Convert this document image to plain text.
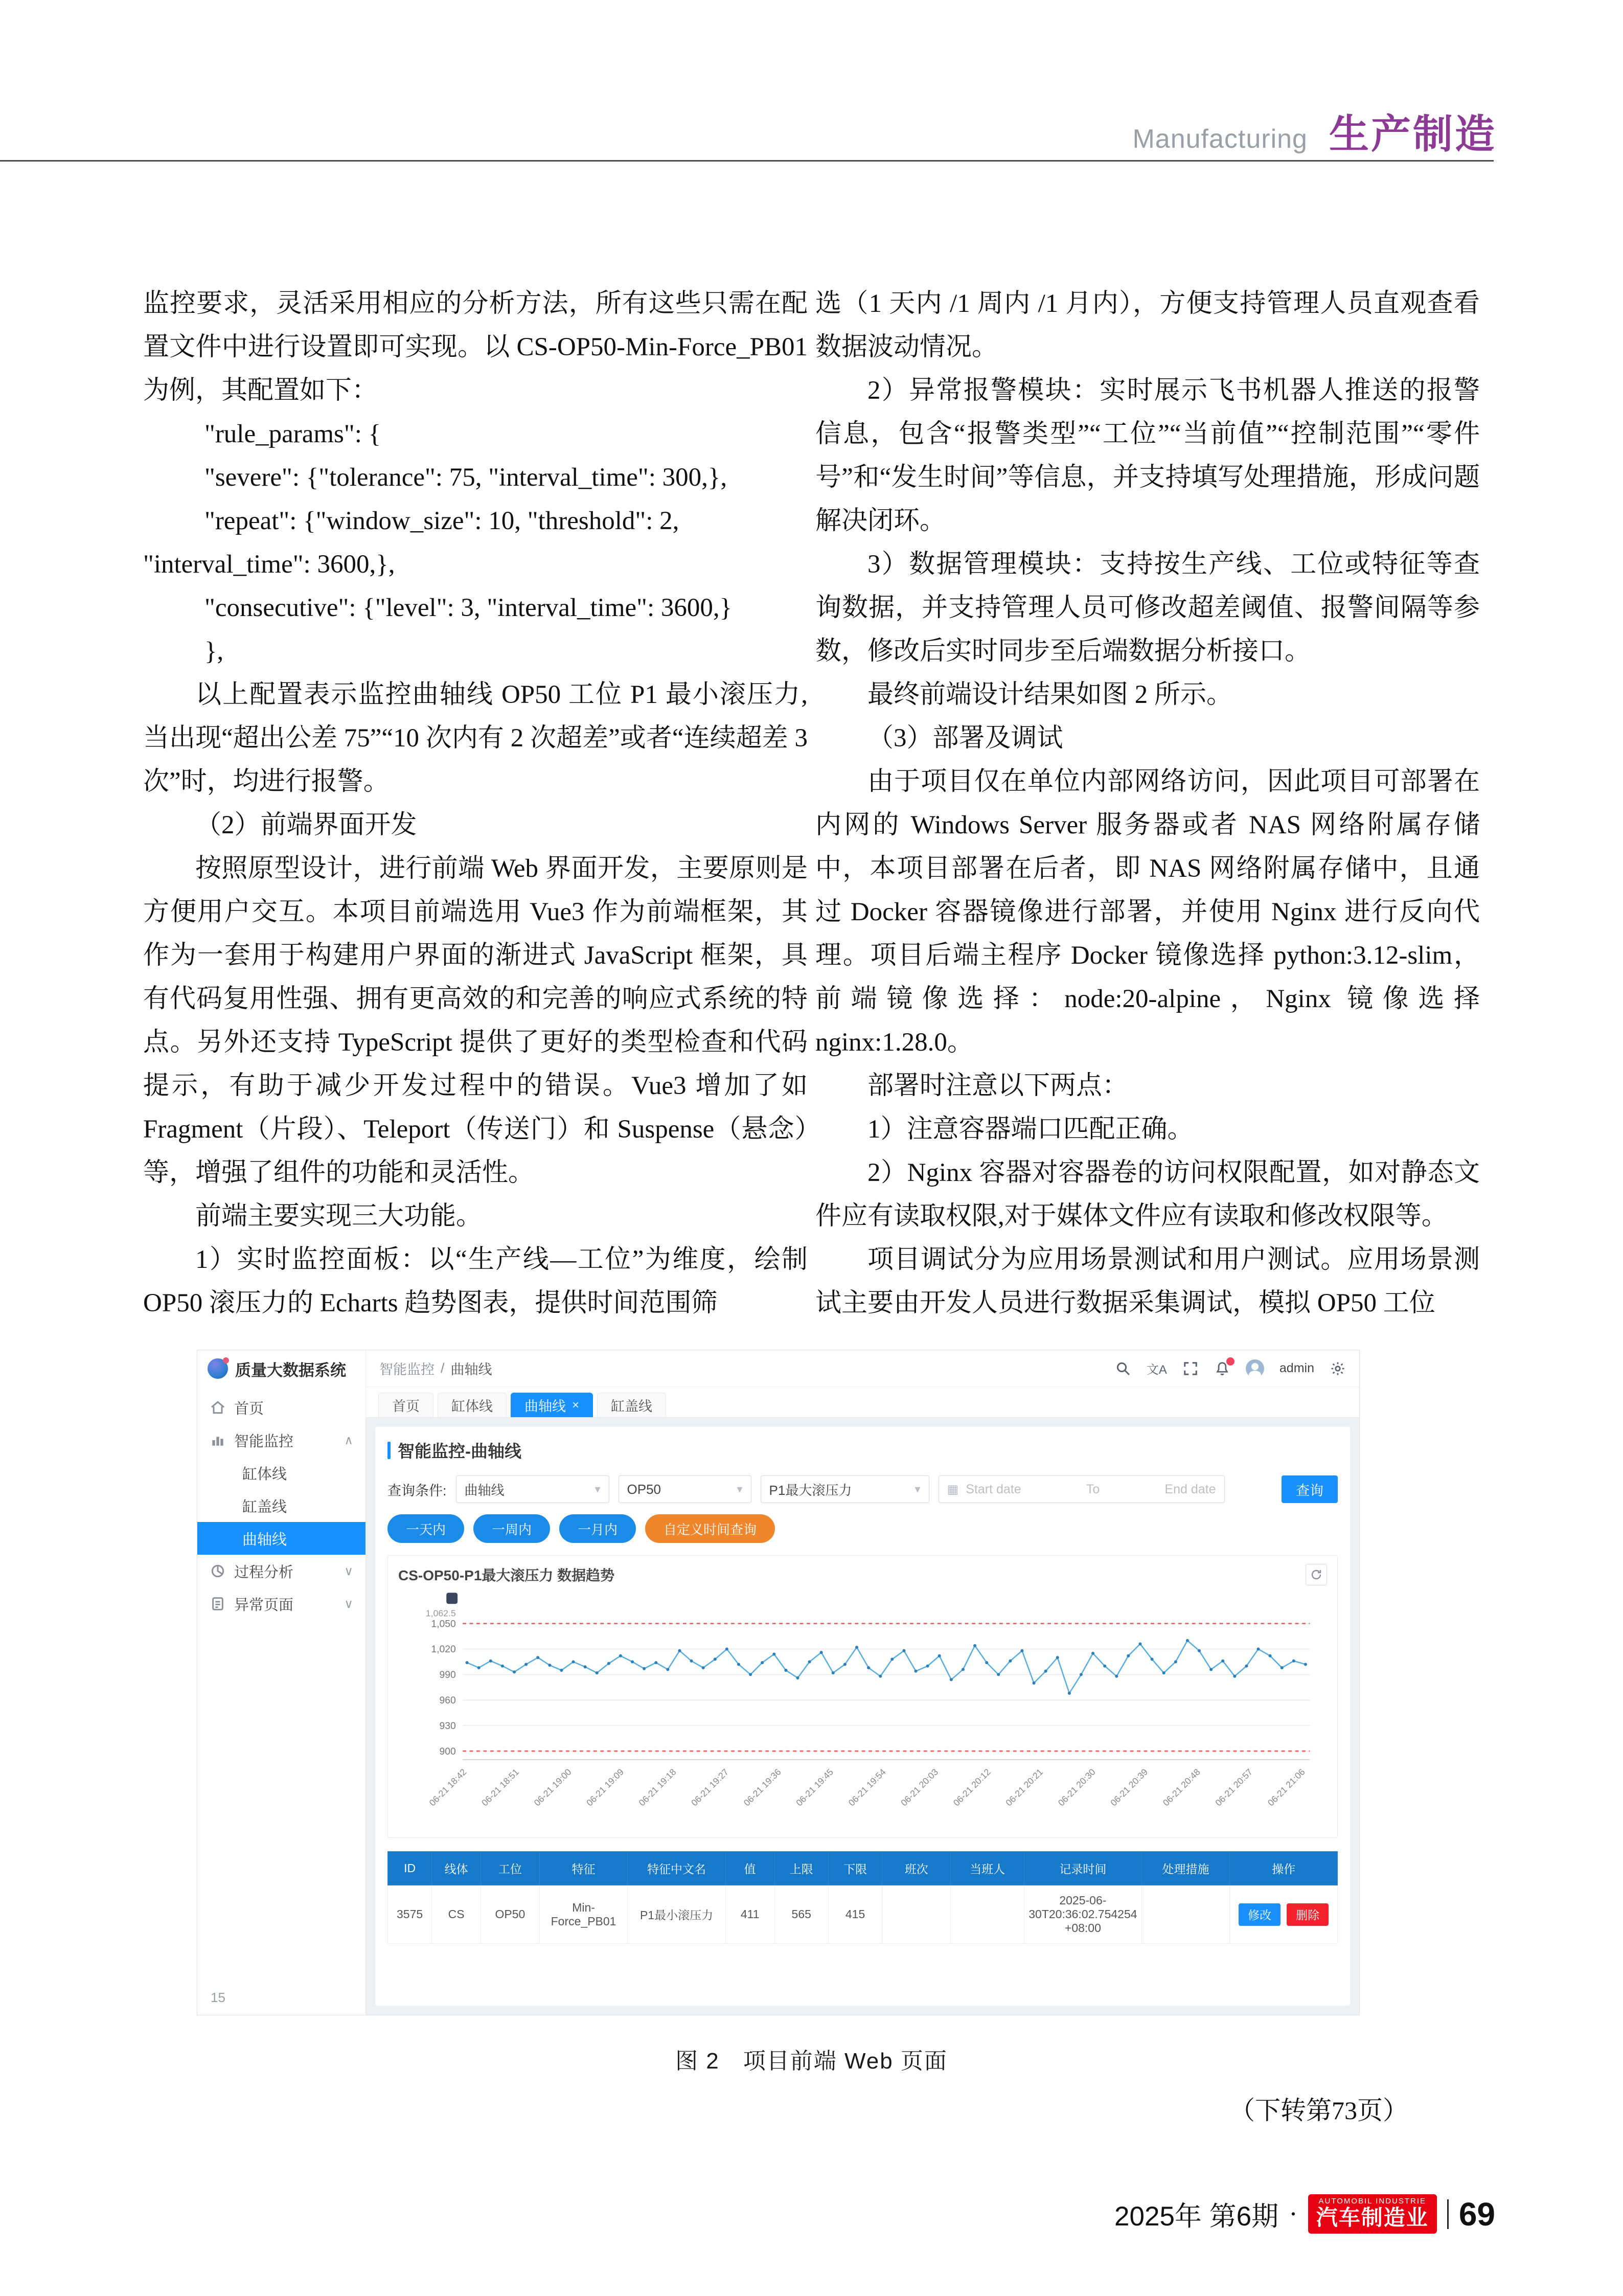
Manufacturing 生产制造

监控要求，灵活采用相应的分析方法，所有这些只需在配置文件中进行设置即可实现。以 CS-OP50-Min-Force_PB01 为例，其配置如下：

"rule_params": {

"severe": {"tolerance": 75, "interval_time": 300,},

"repeat": {"window_size": 10, "threshold": 2, "interval_time": 3600,},

"consecutive": {"level": 3, "interval_time": 3600,}

},

以上配置表示监控曲轴线 OP50 工位 P1 最小滚压力,当出现“超出公差 75”“10 次内有 2 次超差”或者“连续超差 3 次”时，均进行报警。

（2）前端界面开发

按照原型设计，进行前端 Web 界面开发，主要原则是方便用户交互。本项目前端选用 Vue3 作为前端框架，其作为一套用于构建用户界面的渐进式 JavaScript 框架，具有代码复用性强、拥有更高效的和完善的响应式系统的特点。另外还支持 TypeScript 提供了更好的类型检查和代码提示，有助于减少开发过程中的错误。Vue3 增加了如 Fragment（片段）、Teleport（传送门）和 Suspense（悬念）等，增强了组件的功能和灵活性。

前端主要实现三大功能。

1）实时监控面板：以“生产线—工位”为维度，绘制 OP50 滚压力的 Echarts 趋势图表，提供时间范围筛

选（1 天内 /1 周内 /1 月内），方便支持管理人员直观查看数据波动情况。

2）异常报警模块：实时展示飞书机器人推送的报警信息，包含“报警类型”“工位”“当前值”“控制范围”“零件号”和“发生时间”等信息，并支持填写处理措施，形成问题解决闭环。

3）数据管理模块：支持按生产线、工位或特征等查询数据，并支持管理人员可修改超差阈值、报警间隔等参数，修改后实时同步至后端数据分析接口。

最终前端设计结果如图 2 所示。

（3）部署及调试

由于项目仅在单位内部网络访问，因此项目可部署在内网的 Windows Server 服务器或者 NAS 网络附属存储中，本项目部署在后者，即 NAS 网络附属存储中，且通过 Docker 容器镜像进行部署，并使用 Nginx 进行反向代理。项目后端主程序 Docker 镜像选择 python:3.12-slim，前端镜像选择：node:20-alpine，Nginx 镜像选择 nginx:1.28.0。

部署时注意以下两点：

1）注意容器端口匹配正确。

2）Nginx 容器对容器卷的访问权限配置，如对静态文件应有读取权限,对于媒体文件应有读取和修改权限等。

项目调试分为应用场景测试和用户测试。应用场景测试主要由开发人员进行数据采集调试，模拟 OP50 工位

质量大数据系统
首页
智能监控	∧
缸体线
缸盖线
曲轴线
过程分析	∨
异常页面	∨
15
智能监控 / 曲轴线	文A	admin
首页 缸体线 曲轴线 × 缸盖线
智能监控-曲轴线
查询条件: 曲轴线	▾ OP50	▾ P1最大滚压力	▾ ▦ Start date	To	End date	查询
一天内	一周内	一月内	自定义时间查询
CS-OP50-P1最大滚压力 数据趋势
900
930
960
990
1,020
1,050
1,062.5
06-21 18:42 06-21 18:51 06-21 19:00 06-21 19:09 06-21 19:18 06-21 19:27 06-21 19:36 06-21 19:45 06-21 19:54 06-21 20:03 06-21 20:12 06-21 20:21 06-21 20:30 06-21 20:39 06-21 20:48 06-21 20:57 06-21 21:06
ID	线体	工位	特征	特征中文名	值	上限	下限	班次	当班人	记录时间	处理措施	操作
3575	CS	OP50	Min-Force_PB01	P1最小滚压力	411	565	415			2025-06-30T20:36:02.754254+08:00		修改 删除
图 2　项目前端 Web 页面
（下转第73页）
2025年 第6期 ·	AUTOMOBIL INDUSTRIE
汽车制造业 69
